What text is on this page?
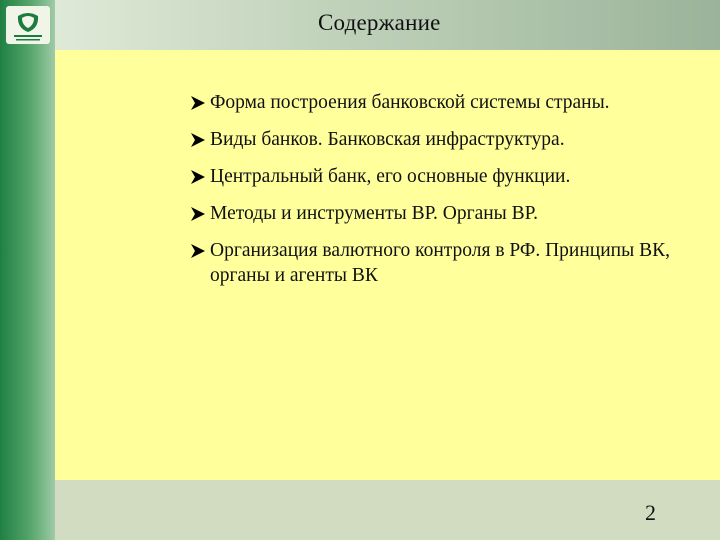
Содержание
Форма построения банковской системы страны.
Виды банков. Банковская инфраструктура.
Центральный банк, его основные функции.
Методы и инструменты ВР. Органы ВР.
Организация валютного контроля в РФ. Принципы ВК, органы и агенты ВК
2
